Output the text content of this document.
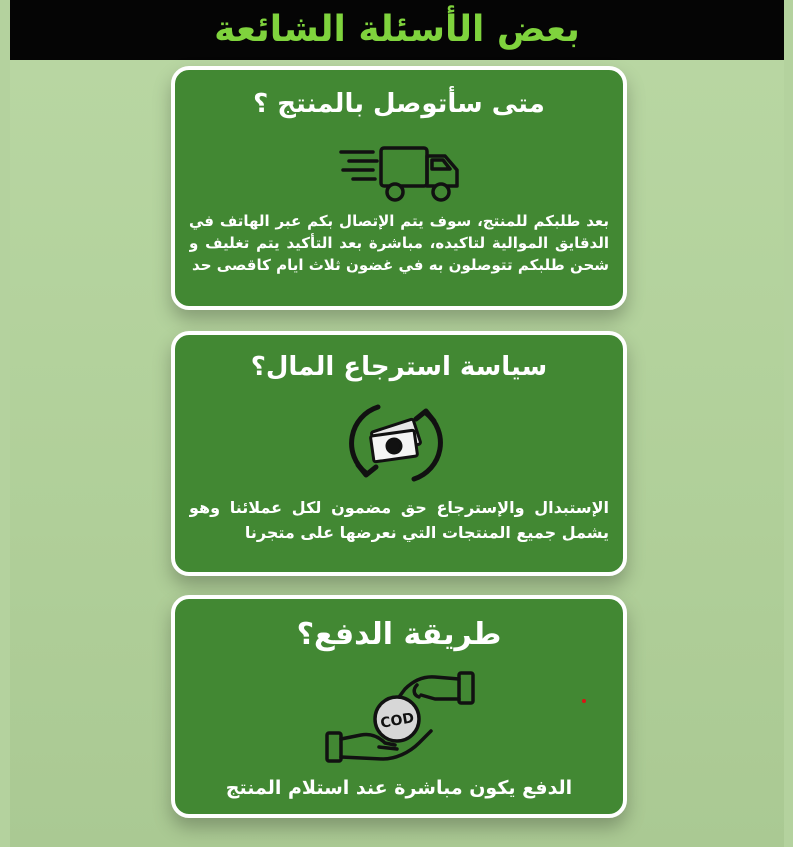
بعض الأسئلة الشائعة
متى سأتوصل بالمنتج ؟
بعد طلبكم للمنتج، سوف يتم الإتصال بكم عبر الهاتف في الدقايق الموالية لتاكيده، مباشرة بعد التأكيد يتم تغليف و شحن طلبكم تتوصلون به في غضون ثلاث ايام كاقصى حد
سياسة استرجاع المال؟
الإستبدال والإسترجاع حق مضمون لكل عملائنا وهو يشمل جميع المنتجات التي نعرضها على متجرنا
طريقة الدفع؟
COD
الدفع يكون مباشرة عند استلام المنتج
